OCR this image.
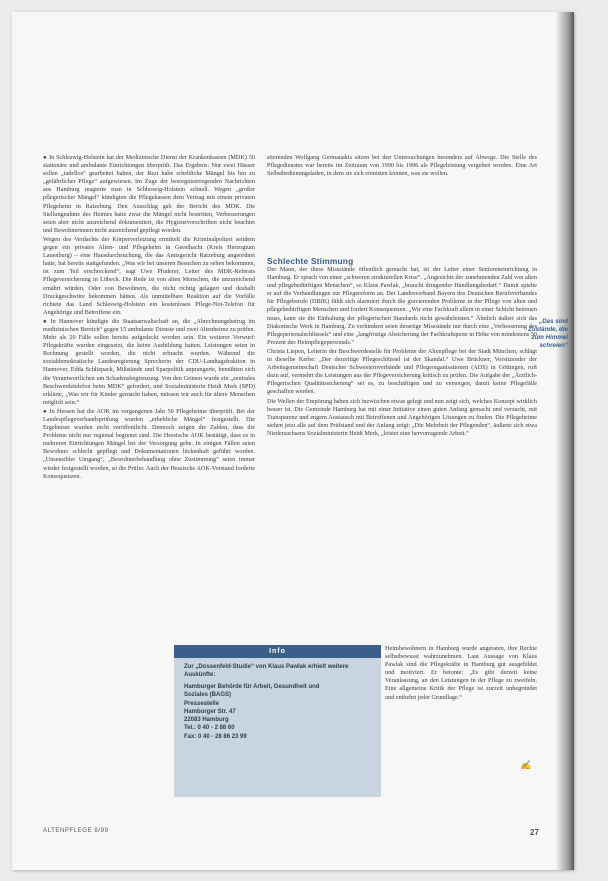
● In Schleswig-Holstein hat der Medizinische Dienst der Krankenkassen (MDK) 50 stationäre und ambulante Einrichtungen überprüft. Das Ergebnis: Nur zwei Häuser sollen „tadellos“ gearbeitet haben, der Rest habe erhebliche Mängel bis hin zu „gefährlicher Pflege“ aufgewiesen. Im Zuge der besorgniserregenden Nachrichten aus Hamburg reagierte man in Schleswig-Holstein schnell. Wegen „großer pflegerischer Mängel“ kündigten die Pflegekassen dem Vertrag mit einem privaten Pflegeheim in Ratzeburg. Den Ausschlag gab der Bericht des MDK. Die Stellungnahme des Heimes hatte zwar die Mängel nicht bestritten, Verbesserungen seien aber nicht ausreichend dokumentiert, die Hygienevorschriften nicht beachtet und Bewohnerinnen nicht ausreichend gepflegt worden.

Wegen des Verdachts der Körperverletzung ermittelt die Kriminalpolizei seitdem gegen ein privates Alten- und Pflegeheim in Geesthacht (Kreis Herzogtum Lauenburg) – eine Hausdurchsuchung, die das Amtsgericht Ratzeburg angeordnet hatte, hat bereits stattgefunden. „Was wir bei unseren Besuchen zu sehen bekommen, ist zum Teil erschreckend“, sagt Uwe Pfuderer, Leiter des MDK-Referats Pflegeversicherung in Lübeck. Die Rede ist von alten Menschen, die unzureichend ernährt würden. Oder von Bewohnern, die nicht richtig gelagert und deshalb Druckgeschwüre bekommen hätten. Als unmittelbare Reaktion auf die Vorfälle richtete das Land Schleswig-Holstein ein kostenloses Pflege-Not-Telefon für Angehörige und Betroffene ein.

● In Hannover kündigte die Staatsanwaltschaft an, die „Abrechnungsbetrug im medizinischen Bereich“ gegen 15 ambulante Dienste und zwei Altenheime zu prüfen. Mehr als 20 Fälle sollen bereits aufgedeckt worden sein. Ein weiterer Vorwurf: Pflegekräfte wurden eingesetzt, die keine Ausbildung hatten. Leistungen seien in Rechnung gestellt worden, die nicht erbracht wurden. Während die sozialdemokratische Landesregierung Sprecherin der CDU-Landtagsfraktion in Hannover, Edda Schliepack, Mißstände und Sparpolitik anprangerte, bemühten sich die Verantwortlichen um Schadensbegrenzung. Von den Grünen wurde ein „zentrales Beschwerdetelefon beim MDK“ gefordert, und Sozialministerin Heidi Merk (SPD) erklärte, „Was wir für Kinder gemacht haben, müssen wir auch für ältere Menschen möglich sein.“

● In Hessen hat die AOK im vergangenen Jahr 50 Pflegeheime überprüft. Bei der Landespflegeverbandsprüfung wurden „erhebliche Mängel“ festgestellt. Die Ergebnisse wurden nicht veröffentlicht. Dennoch zeigen die Zahlen, dass die Probleme nicht nur regional begrenzt sind. Die Hessische AOK bestätigt, dass es in mehreren Einrichtungen Mängel bei der Versorgung gebe. In einigen Fällen seien Bewohner schlecht gepflegt und Dokumentationen lückenhaft geführt worden. „Unsensibler Umgang“, „Bewohnerbehandlung ohne Zustimmung“ seien immer wieder festgestellt worden, so die Prüfer. Auch der Hessische AOK-Vorstand forderte Konsequenzen.

stierenden Wolfgang Germanakis sitzen bei den Untersuchungen besonders auf Abwege. Die Stelle des Pflegedienstes war bereits im Zeitraum von 1990 bis 1996 als Pflegeleistung vergeben worden. Eine Art Selbstbedienungsladen, in dem sie sich einnisten können, was sie wollen.

Schlechte Stimmung

Der Mann, der diese Missstände öffentlich gemacht hat, ist der Leiter einer Senioreneinrichtung in Hamburg. Er sprach von einer „schweren strukturellen Krise“. „Angesichts der zunehmenden Zahl von alten und pflegebedürftigen Menschen“, so Klaus Pawlak, „braucht dringender Handlungsbedarf.“ Damit spielte er auf die Verhandlungen zur Pflegereform an. Der Landesverband Bayern des Deutschen Berufsverbandes für Pflegeberufe (DBfK) fühlt sich alarmiert durch die gravierenden Probleme in der Pflege von alten und pflegebedürftigen Menschen und fordert Konsequenzen. „Wir eine Fachkraft allein in einer Schicht betreuen muss, kann sie die Einhaltung der pflegerischen Standards nicht gewährleisten.“ Ähnlich äußert sich das Diakonische Werk in Hamburg. Zu verhindern seien derartige Missstände nur durch eine „Verbesserung des Pflegepersonalschlüssels“ und eine „langfristige Absicherung der Fachkraftquote in Höhe von mindestens 50 Prozent des Heimpflegepersonals.“

Christa Liepen, Leiterin der Beschwerdestelle für Probleme der Altenpflege bei der Stadt München, schlägt in dieselbe Kerbe: „Der derzeitige Pflegeschlüssel ist der Skandal.“ Uwe Brückner, Vorsitzender der Arbeitsgemeinschaft Deutscher Schwesternverbände und Pflegeorganisationen (ADS) in Göttingen, ruft dazu auf, vermehrt die Leistungen aus der Pflegeversicherung kritisch zu prüfen. Die Aufgabe der „Ärztlich-Pflegerischen Qualitätssicherung“ sei es, zu beschäftigen und zu versorgen, damit keine Pflegefälle geschaffen werden.

Die Wellen der Empörung haben sich inzwischen etwas gelegt und nun zeigt sich, welches Konzept wirklich besser ist. Die Gemeinde Hamburg hat mit einer Initiative einen guten Anfang gemacht und versucht, mit Transparenz und engem Austausch mit Betroffenen und Angehörigen Lösungen zu finden. Die Pflegeheime stehen jetzt alle auf dem Prüfstand und der Anfang zeigt: „Die Mehrheit der Pflegenden“, äußerte sich etwa Niedersachsens Sozialministerin Heidi Merk, „leistet eine hervorragende Arbeit.“

„Das sind Zustände, die zum Himmel schreien“
Info
Zur „Dossenfeld-Studie“ von Klaus Pawlak erhielt weitere Auskünfte:
Hamburger Behörde für Arbeit, Gesundheit und
Soziales (BAGS)
Pressestelle
Hamburger Str. 47
22083 Hamburg
Tel.: 0 40 - 2 88 60
Fax: 0 40 - 28 86 23 99

Heimbewohnern in Hamburg wurde angeraten, ihre Rechte selbstbewusst wahrzunehmen. Laut Aussage von Klaus Pawlak sind die Pflegekräfte in Hamburg gut ausgebildet und motiviert. Er betonte: „Es gibt derzeit keine Veranlassung, an den Leistungen in der Pflege zu zweifeln. Eine allgemeine Kritik der Pflege ist zurzeit unbegründet und entbehrt jeder Grundlage.“

✍
ALTENPFLEGE 9/99	27
